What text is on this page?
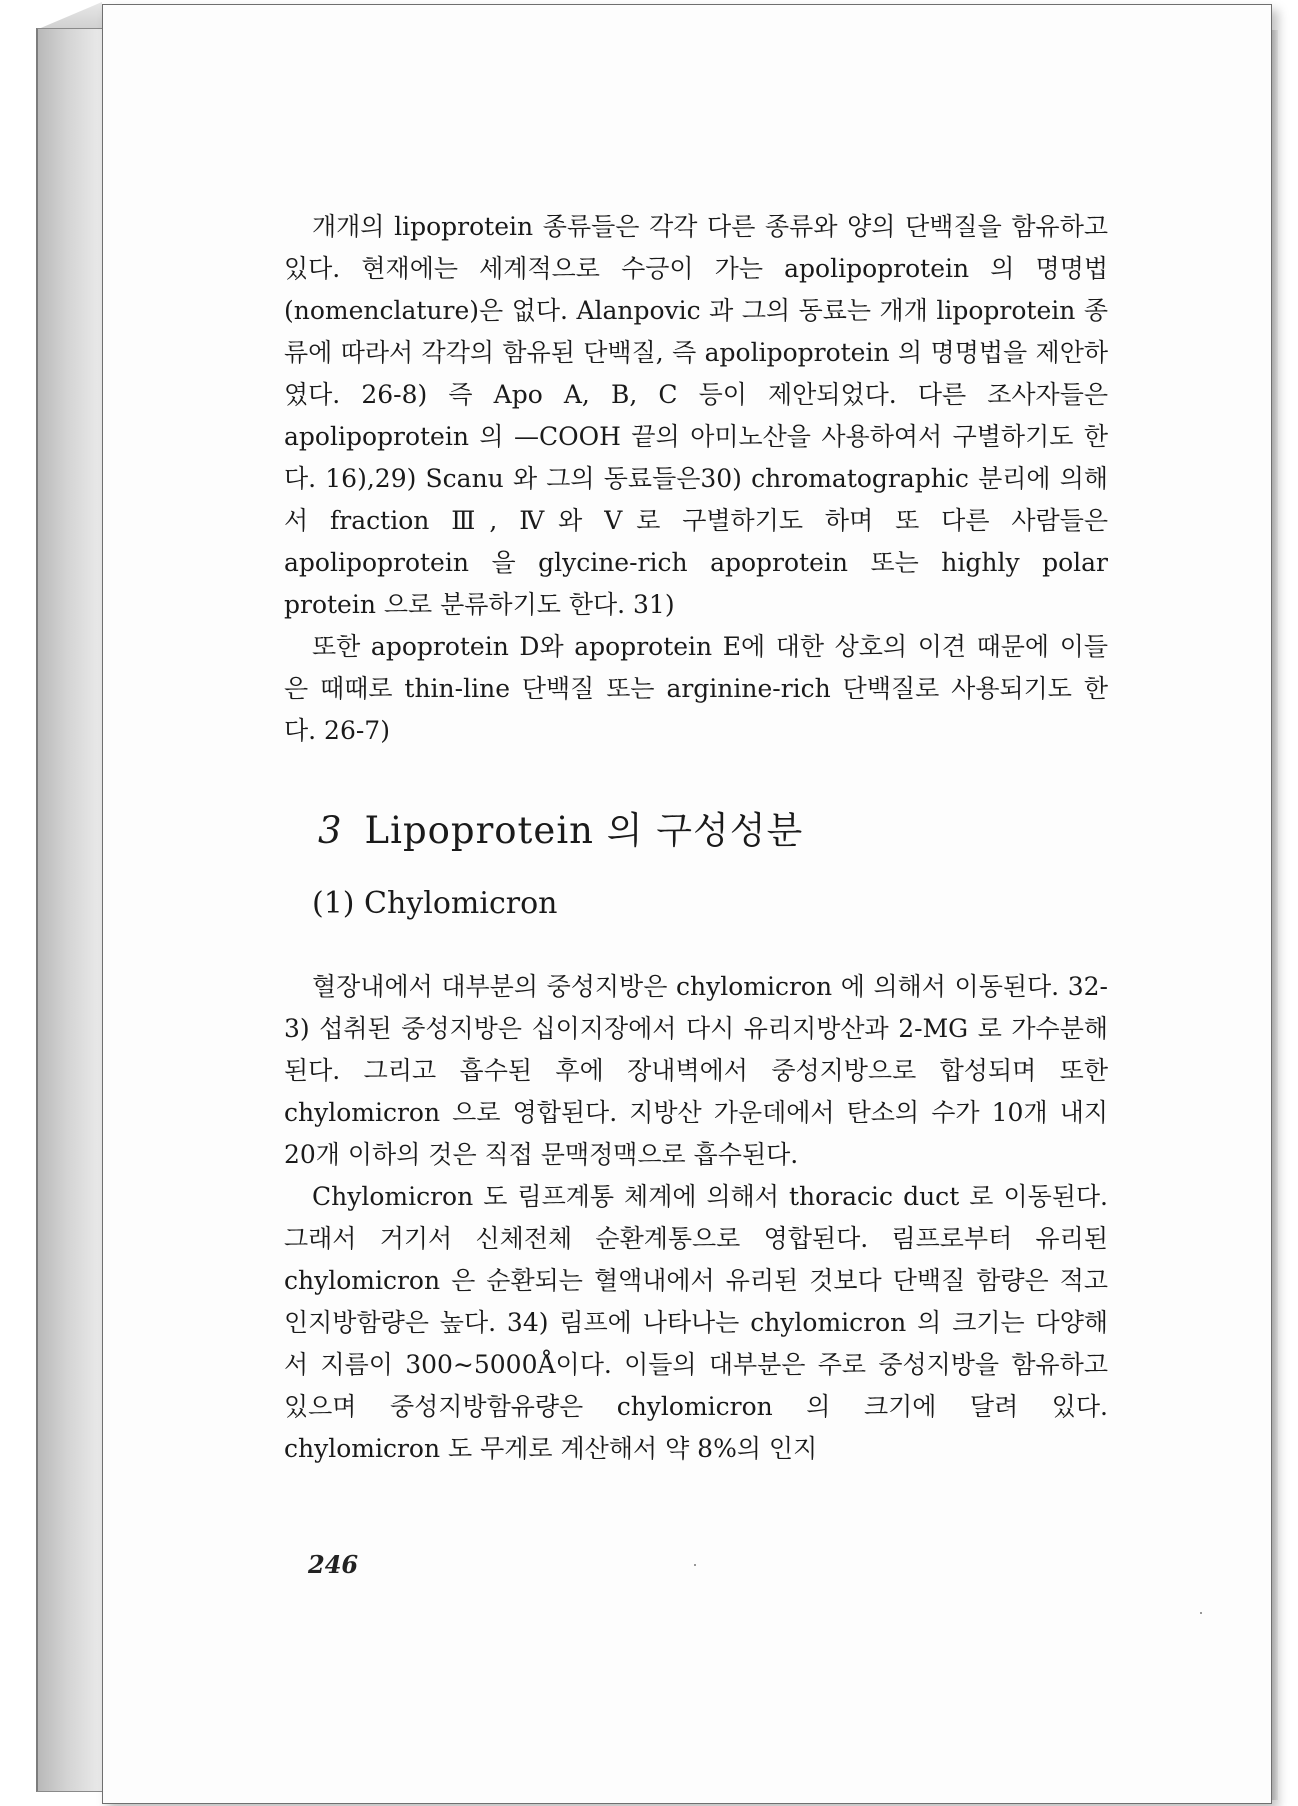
개개의 lipoprotein 종류들은 각각 다른 종류와 양의 단백질을 함유하고 있다. 현재에는 세계적으로 수긍이 가는 apolipoprotein 의 명명법 (nomenclature)은 없다. Alanpovic 과 그의 동료는 개개 lipoprotein 종류에 따라서 각각의 함유된 단백질, 즉 apolipoprotein 의 명명법을 제안하였다. 26-8) 즉 Apo A, B, C 등이 제안되었다. 다른 조사자들은 apolipoprotein 의 —COOH 끝의 아미노산을 사용하여서 구별하기도 한다. 16),29) Scanu 와 그의 동료들은30) chromatographic 분리에 의해서 fraction Ⅲ, Ⅳ와 Ⅴ로 구별하기도 하며 또 다른 사람들은 apolipoprotein 을 glycine-rich apoprotein 또는 highly polar protein 으로 분류하기도 한다. 31)

또한 apoprotein D와 apoprotein E에 대한 상호의 이견 때문에 이들은 때때로 thin-line 단백질 또는 arginine-rich 단백질로 사용되기도 한다. 26-7)

3 Lipoprotein 의 구성성분
(1) Chylomicron

혈장내에서 대부분의 중성지방은 chylomicron 에 의해서 이동된다. 32-3) 섭취된 중성지방은 십이지장에서 다시 유리지방산과 2-MG 로 가수분해된다. 그리고 흡수된 후에 장내벽에서 중성지방으로 합성되며 또한 chylomicron 으로 영합된다. 지방산 가운데에서 탄소의 수가 10개 내지 20개 이하의 것은 직접 문맥정맥으로 흡수된다.

Chylomicron 도 림프계통 체계에 의해서 thoracic duct 로 이동된다. 그래서 거기서 신체전체 순환계통으로 영합된다. 림프로부터 유리된 chylomicron 은 순환되는 혈액내에서 유리된 것보다 단백질 함량은 적고 인지방함량은 높다. 34) 림프에 나타나는 chylomicron 의 크기는 다양해서 지름이 300∼5000Å이다. 이들의 대부분은 주로 중성지방을 함유하고 있으며 중성지방함유량은 chylomicron 의 크기에 달려 있다. chylomicron 도 무게로 계산해서 약 8%의 인지

246
